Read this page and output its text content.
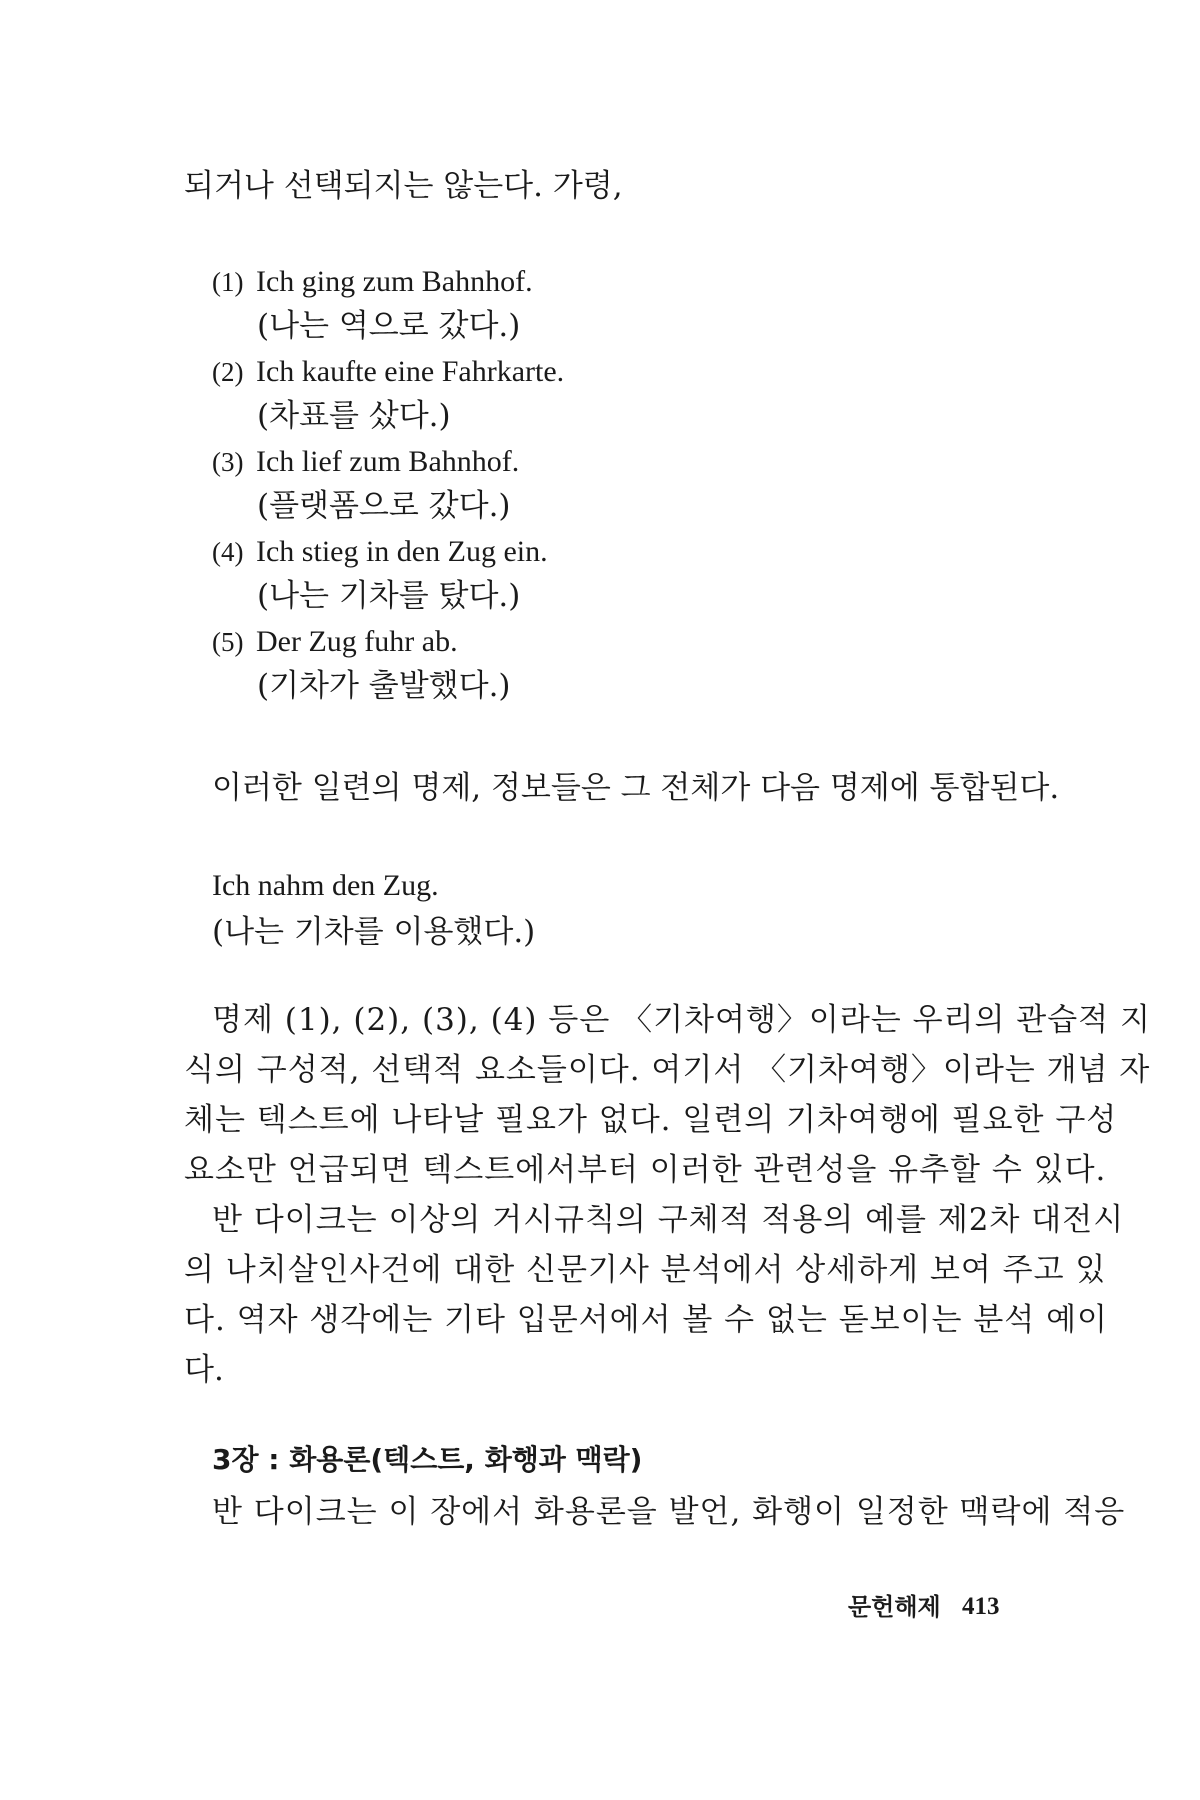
되거나 선택되지는 않는다. 가령,
(1) Ich ging zum Bahnhof.
(나는 역으로 갔다.)
(2) Ich kaufte eine Fahrkarte.
(차표를 샀다.)
(3) Ich lief zum Bahnhof.
(플랫폼으로 갔다.)
(4) Ich stieg in den Zug ein.
(나는 기차를 탔다.)
(5) Der Zug fuhr ab.
(기차가 출발했다.)
이러한 일련의 명제, 정보들은 그 전체가 다음 명제에 통합된다.
Ich nahm den Zug.
(나는 기차를 이용했다.)
명제 (1), (2), (3), (4) 등은 〈기차여행〉이라는 우리의 관습적 지
식의 구성적, 선택적 요소들이다. 여기서 〈기차여행〉이라는 개념 자
체는 텍스트에 나타날 필요가 없다. 일련의 기차여행에 필요한 구성
요소만 언급되면 텍스트에서부터 이러한 관련성을 유추할 수 있다.
반 다이크는 이상의 거시규칙의 구체적 적용의 예를 제2차 대전시
의 나치살인사건에 대한 신문기사 분석에서 상세하게 보여 주고 있
다. 역자 생각에는 기타 입문서에서 볼 수 없는 돋보이는 분석 예이
다.
3장 : 화용론(텍스트, 화행과 맥락)
반 다이크는 이 장에서 화용론을 발언, 화행이 일정한 맥락에 적응
문헌해제 413
